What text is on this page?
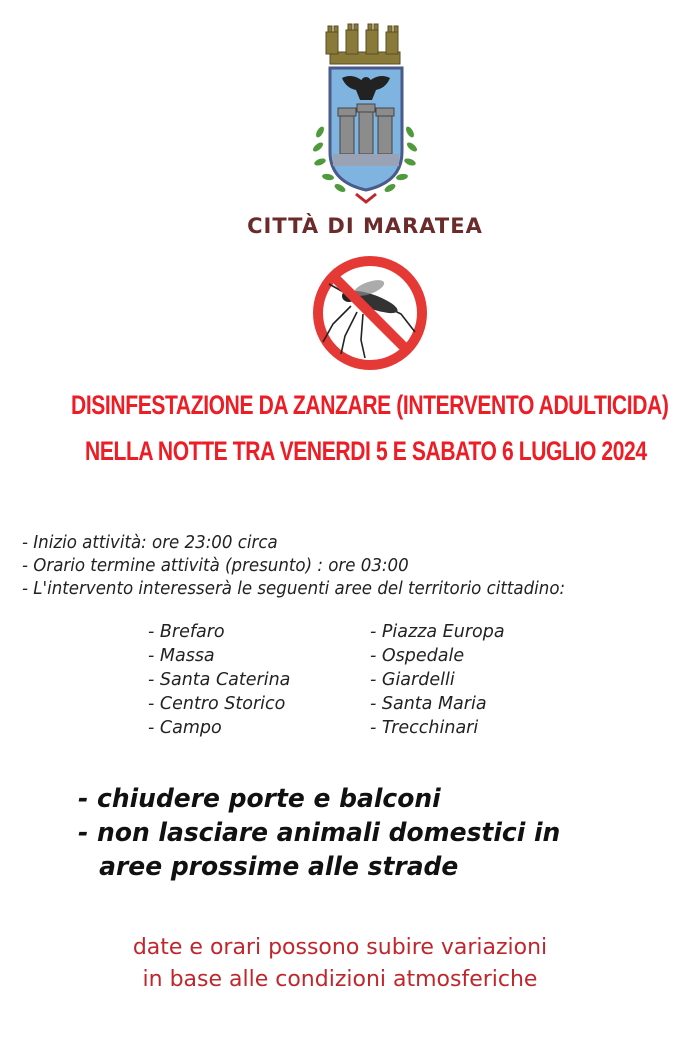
CITTÀ DI MARATEA
DISINFESTAZIONE DA ZANZARE (INTERVENTO ADULTICIDA)
NELLA NOTTE TRA VENERDI 5 E SABATO 6 LUGLIO 2024
- Inizio attività: ore 23:00 circa
- Orario termine attività (presunto) : ore 03:00
- L'intervento interesserà le seguenti aree del territorio cittadino:
- Brefaro
- Massa
- Santa Caterina
- Centro Storico
- Campo
- Piazza Europa
- Ospedale
- Giardelli
- Santa Maria
- Trecchinari
- chiudere porte e balconi
- non lasciare animali domestici in
aree prossime alle strade
date e orari possono subire variazioni
in base alle condizioni atmosferiche
